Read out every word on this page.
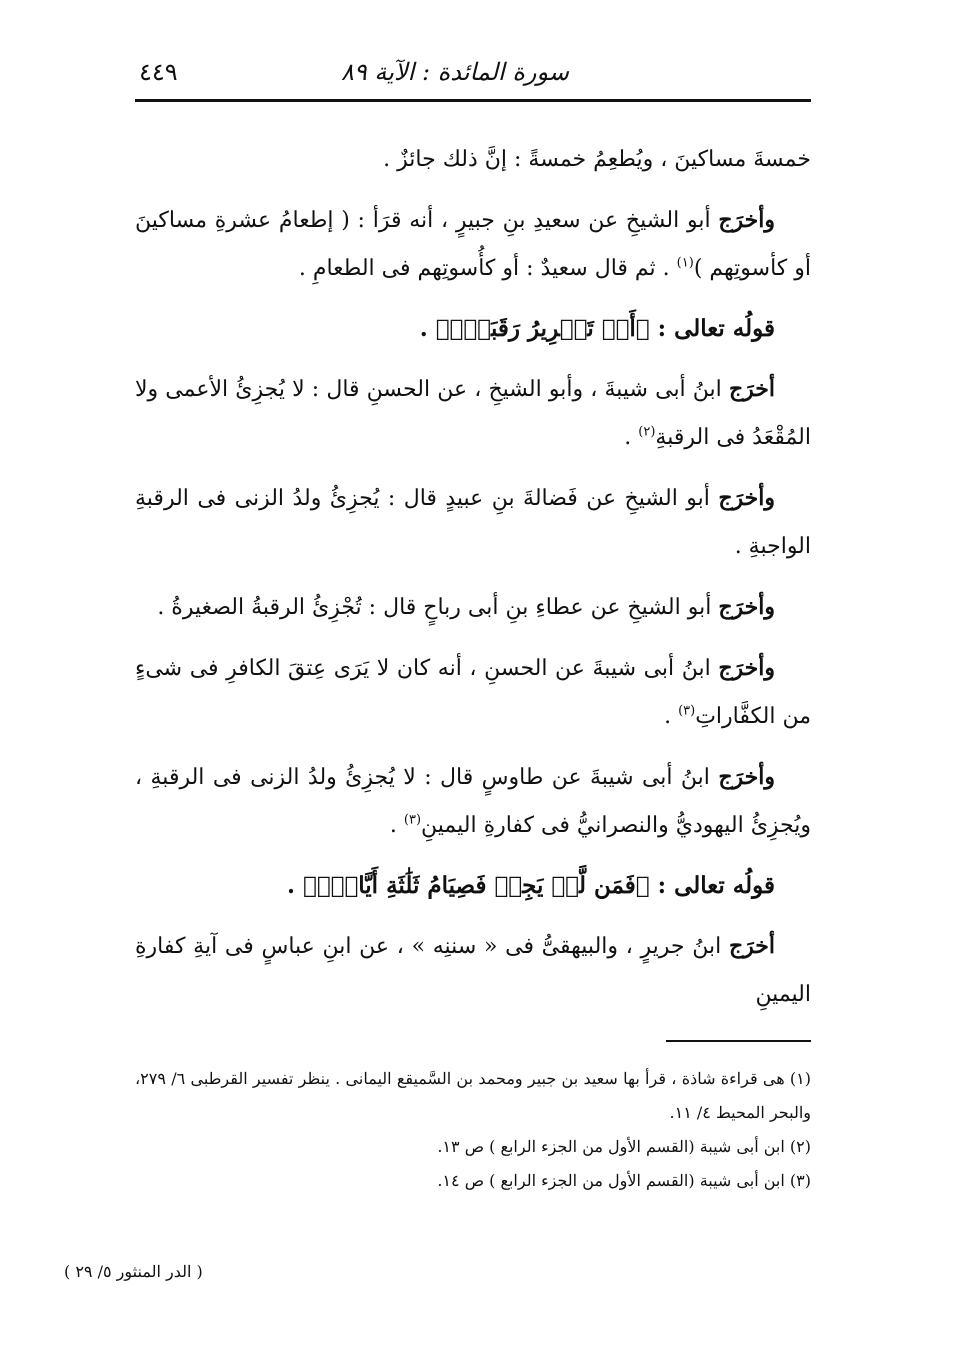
سورة المائدة : الآية ٨٩
٤٤٩

خمسةَ مساكينَ ، ويُطعِمُ خمسةً : إنَّ ذلك جائزٌ .

وأخرَج أبو الشيخِ عن سعيدِ بنِ جبيرٍ ، أنه قرَأ : ( إطعامُ عشرةِ مساكينَ أو كأسوتِهم )$^{(١)}$ . ثم قال سعيدٌ : أو كأُسوتِهم فى الطعامِ .

قولُه تعالى : ﴿أَوۡ تَحۡرِيرُ رَقَبَةٍۖ﴾ .

أخرَج ابنُ أبى شيبةَ ، وأبو الشيخِ ، عن الحسنِ قال : لا يُجزِئُ الأعمى ولا المُقْعَدُ فى الرقبةِ$^{(٢)}$ .

وأخرَج أبو الشيخِ عن فَضالةَ بنِ عبيدٍ قال : يُجزِئُ ولدُ الزنى فى الرقبةِ الواجبةِ .

وأخرَج أبو الشيخِ عن عطاءِ بنِ أبى رباحٍ قال : تُجْزِئُ الرقبةُ الصغيرةُ .

وأخرَج ابنُ أبى شيبةَ عن الحسنِ ، أنه كان لا يَرَى عِتقَ الكافرِ فى شىءٍ من الكفَّاراتِ$^{(٣)}$ .

وأخرَج ابنُ أبى شيبةَ عن طاوسٍ قال : لا يُجزِئُ ولدُ الزنى فى الرقبةِ ، ويُجزِئُ اليهوديُّ والنصرانيُّ فى كفارةِ اليمينِ$^{(٣)}$ .

قولُه تعالى : ﴿فَمَن لَّمۡ يَجِدۡ فَصِيَامُ ثَلَٰثَةِ أَيَّامٖۚ﴾ .

أخرَج ابنُ جريرٍ ، والبيهقىُّ فى « سننِه » ، عن ابنِ عباسٍ فى آيةِ كفارةِ اليمينِ

(١) هى قراءة شاذة ، قرأ بها سعيد بن جبير ومحمد بن السَّميقع اليمانى . ينظر تفسير القرطبى ٦/ ٢٧٩، والبحر المحيط ٤/ ١١.

(٢) ابن أبى شيبة (القسم الأول من الجزء الرابع ) ص ١٣.

(٣) ابن أبى شيبة (القسم الأول من الجزء الرابع ) ص ١٤.

( الدر المنثور ٥/ ٢٩ )
